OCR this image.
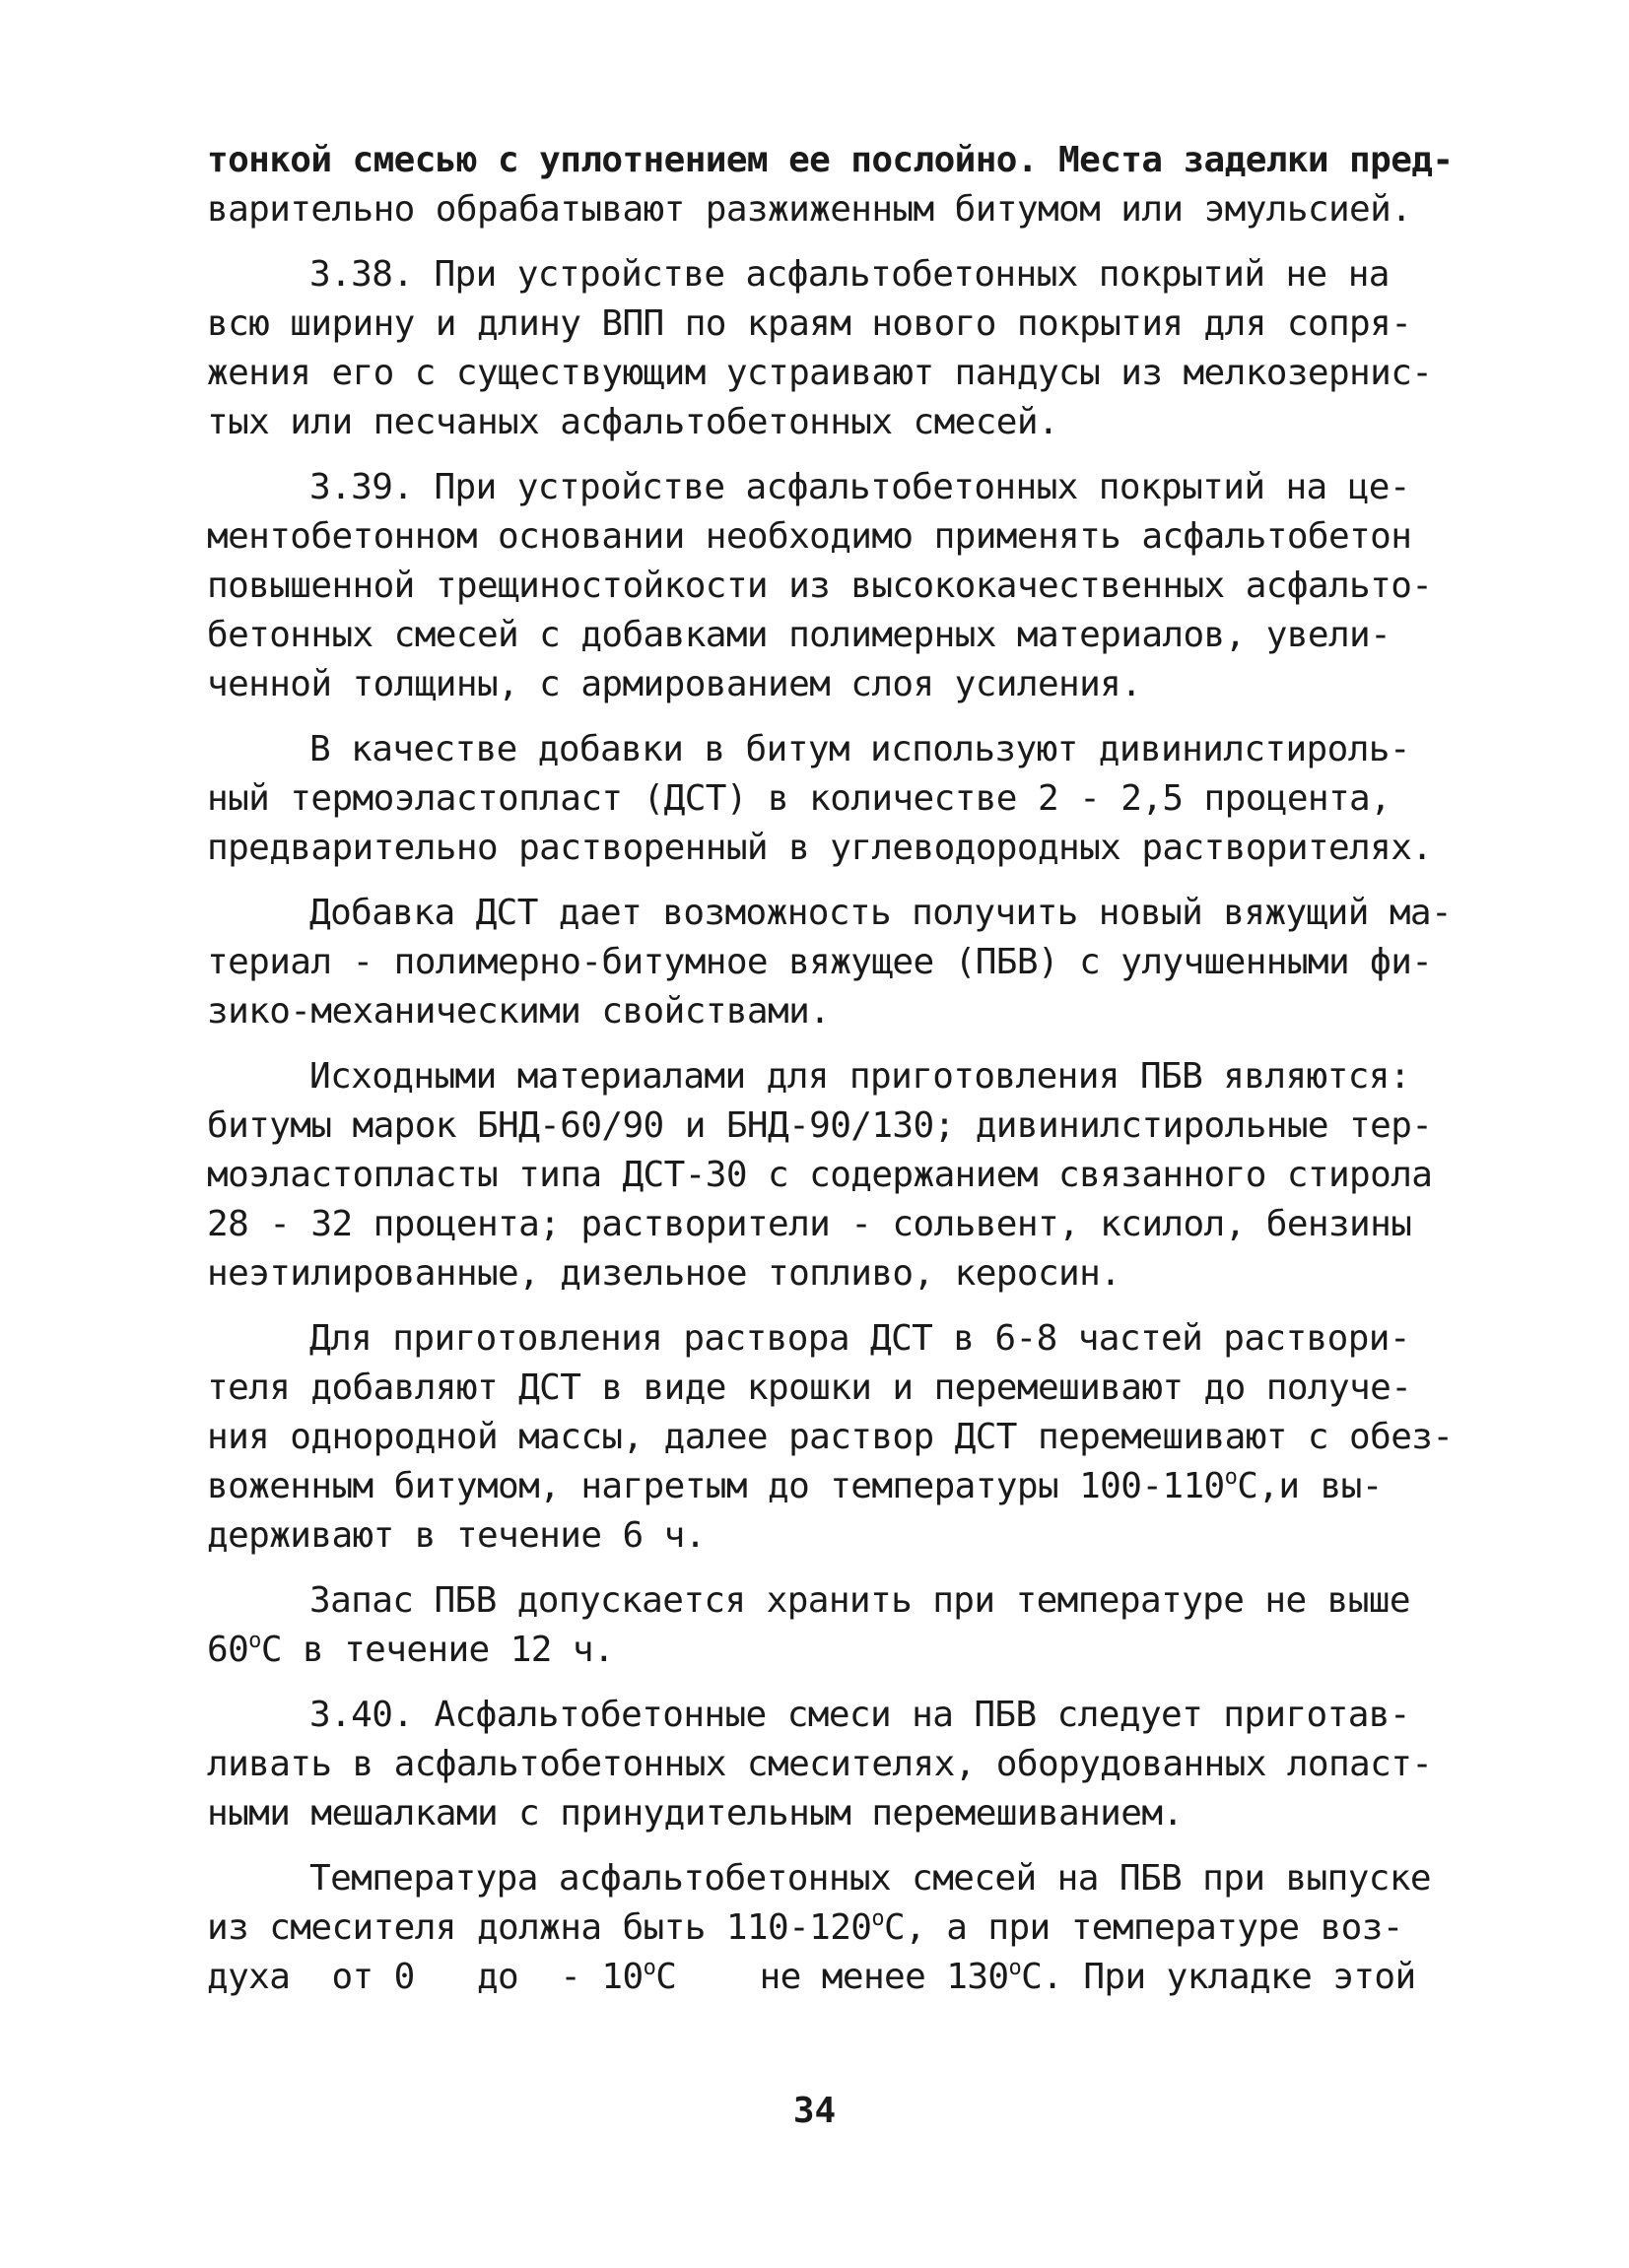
тонкой смесью с уплотнением ее послойно. Места заделки пред-
варительно обрабатывают разжиженным битумом или эмульсией.
3.38. При устройстве асфальтобетонных покрытий не на
всю ширину и длину ВПП по краям нового покрытия для сопря-
жения его с существующим устраивают пандусы из мелкозернис-
тых или песчаных асфальтобетонных смесей.
3.39. При устройстве асфальтобетонных покрытий на це-
ментобетонном основании необходимо применять асфальтобетон
повышенной трещиностойкости из высококачественных асфальто-
бетонных смесей с добавками полимерных материалов, увели-
ченной толщины, с армированием слоя усиления.
В качестве добавки в битум используют дивинилстироль-
ный термоэластопласт (ДСТ) в количестве 2 - 2,5 процента,
предварительно растворенный в углеводородных растворителях.
Добавка ДСТ дает возможность получить новый вяжущий ма-
териал - полимерно-битумное вяжущее (ПБВ) с улучшенными фи-
зико-механическими свойствами.
Исходными материалами для приготовления ПБВ являются:
битумы марок БНД-60/90 и БНД-90/130; дивинилстирольные тер-
моэластопласты типа ДСТ-30 с содержанием связанного стирола
28 - 32 процента; растворители - сольвент, ксилол, бензины
неэтилированные, дизельное топливо, керосин.
Для приготовления раствора ДСТ в 6-8 частей раствори-
теля добавляют ДСТ в виде крошки и перемешивают до получе-
ния однородной массы, далее раствор ДСТ перемешивают с обез-
воженным битумом, нагретым до температуры 100-110$^o$C,и вы-
держивают в течение 6 ч.
Запас ПБВ допускается хранить при температуре не выше
60$^o$C в течение 12 ч.
3.40. Асфальтобетонные смеси на ПБВ следует приготав-
ливать в асфальтобетонных смесителях, оборудованных лопаст-
ными мешалками с принудительным перемешиванием.
Температура асфальтобетонных смесей на ПБВ при выпуске
из смесителя должна быть 110-120$^o$C, а при температуре воз-
духа  от 0   до  - 10$^o$C    не менее 130$^o$C. При укладке этой
34
